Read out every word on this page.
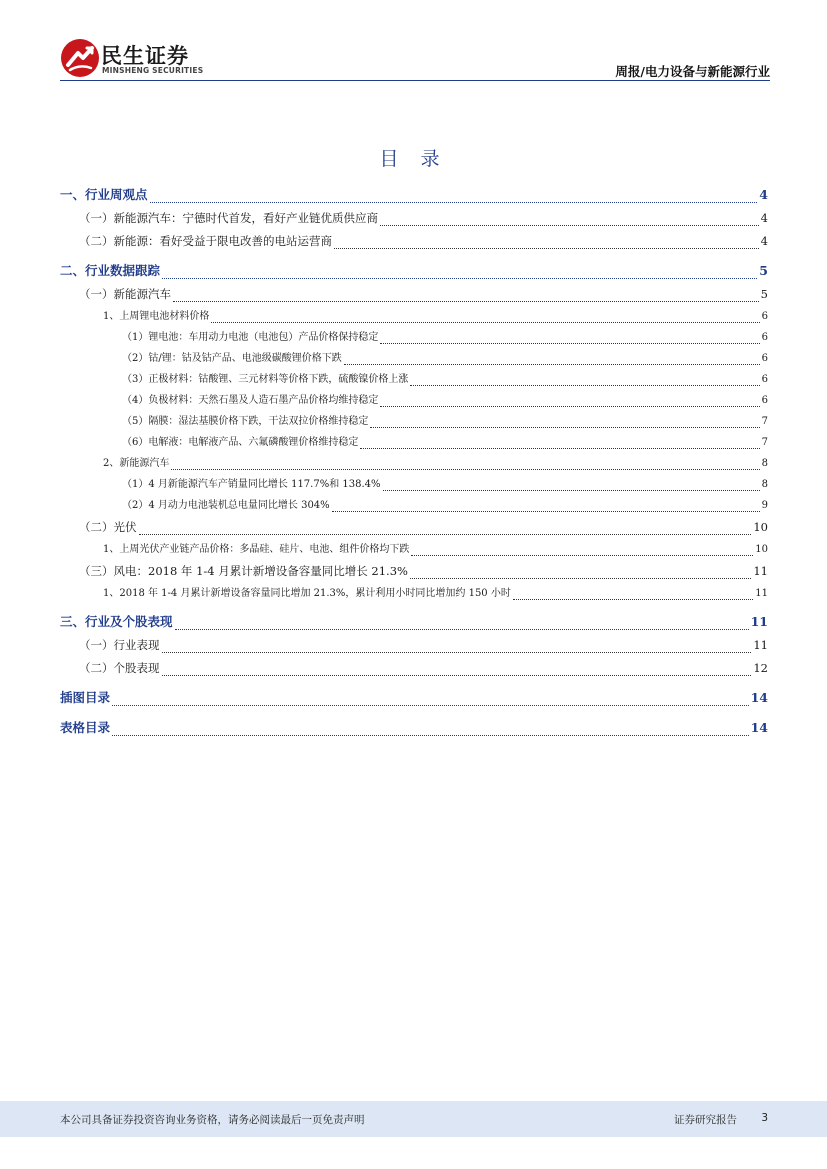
民生证券
MINSHENG SECURITIES	周报/电力设备与新能源行业
目 录
一、行业周观点	4
（一）新能源汽车：宁德时代首发，看好产业链优质供应商	4
（二）新能源：看好受益于限电改善的电站运营商	4
二、行业数据跟踪	5
（一）新能源汽车	5
1、上周锂电池材料价格	6
（1）锂电池：车用动力电池（电池包）产品价格保持稳定	6
（2）钴/锂：钴及钴产品、电池级碳酸锂价格下跌	6
（3）正极材料：钴酸锂、三元材料等价格下跌，硫酸镍价格上涨	6
（4）负极材料：天然石墨及人造石墨产品价格均维持稳定	6
（5）隔膜：湿法基膜价格下跌，干法双拉价格维持稳定	7
（6）电解液：电解液产品、六氟磷酸锂价格维持稳定	7
2、新能源汽车	8
（1）4 月新能源汽车产销量同比增长 117.7%和 138.4%	8
（2）4 月动力电池装机总电量同比增长 304%	9
（二）光伏	10
1、上周光伏产业链产品价格：多晶硅、硅片、电池、组件价格均下跌	10
（三）风电：2018 年 1-4 月累计新增设备容量同比增长 21.3%	11
1、2018 年 1-4 月累计新增设备容量同比增加 21.3%，累计利用小时同比增加约 150 小时	11
三、行业及个股表现	11
（一）行业表现	11
（二）个股表现	12
插图目录	14
表格目录	14
本公司具备证券投资咨询业务资格，请务必阅读最后一页免责声明	证券研究报告 3
